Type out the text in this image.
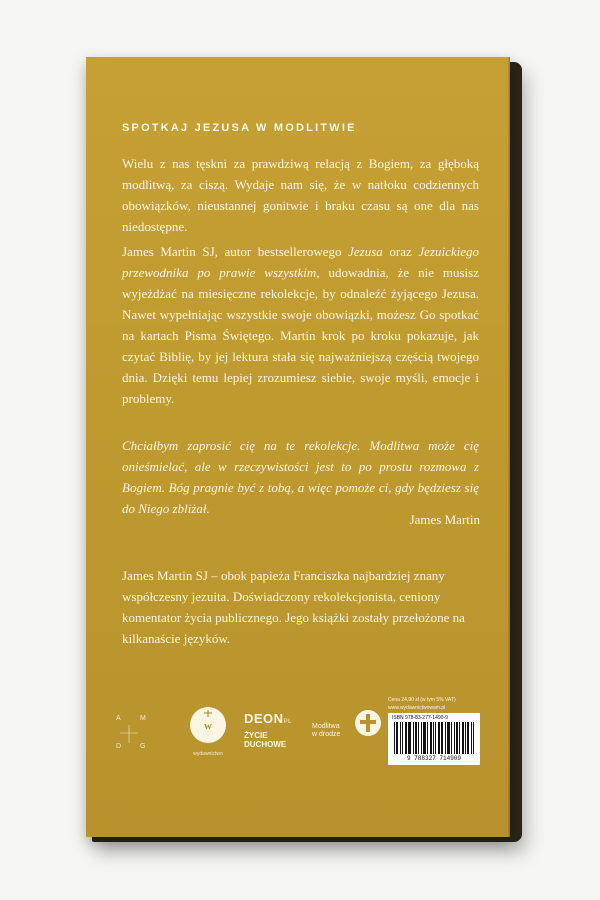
SPOTKAJ JEZUSA W MODLITWIE

Wielu z nas tęskni za prawdziwą relacją z Bogiem, za głęboką modlitwą, za ciszą. Wydaje nam się, że w natłoku codziennych obowiązków, nieustannej gonitwie i braku czasu są one dla nas niedostępne.

James Martin SJ, autor bestsellerowego Jezusa oraz Jezuickiego przewodnika po prawie wszystkim, udowadnia, że nie musisz wyjeżdżać na miesięczne rekolekcje, by odnaleźć żyjącego Jezusa. Nawet wypełniając wszystkie swoje obowiązki, możesz Go spotkać na kartach Pisma Świętego. Martin krok po kroku pokazuje, jak czytać Biblię, by jej lektura stała się najważniejszą częścią twojego dnia. Dzięki temu lepiej zrozumiesz siebie, swoje myśli, emocje i problemy.

Chciałbym zaprosić cię na te rekolekcje. Modlitwa może cię onieśmielać, ale w rzeczywistości jest to po prostu rozmowa z Bogiem. Bóg pragnie być z tobą, a więc pomoże ci, gdy będziesz się do Niego zbliżał.

James Martin

James Martin SJ – obok papieża Franciszka najbardziej znany współczesny jezuita. Doświadczony rekolekcjonista, ceniony komentator życia publicznego. Jego książki zostały przełożone na kilkanaście języków.

A	M
D	G
w
wydawnictwo
DEONPL
ŻYCIE
DUCHOWE
Modlitwa
w drodze
Cena 24,90 zł (w tym 5% VAT)
www.wydawnictwowam.pl
ISBN 978-83-277-1490-9
9 788327 714909
